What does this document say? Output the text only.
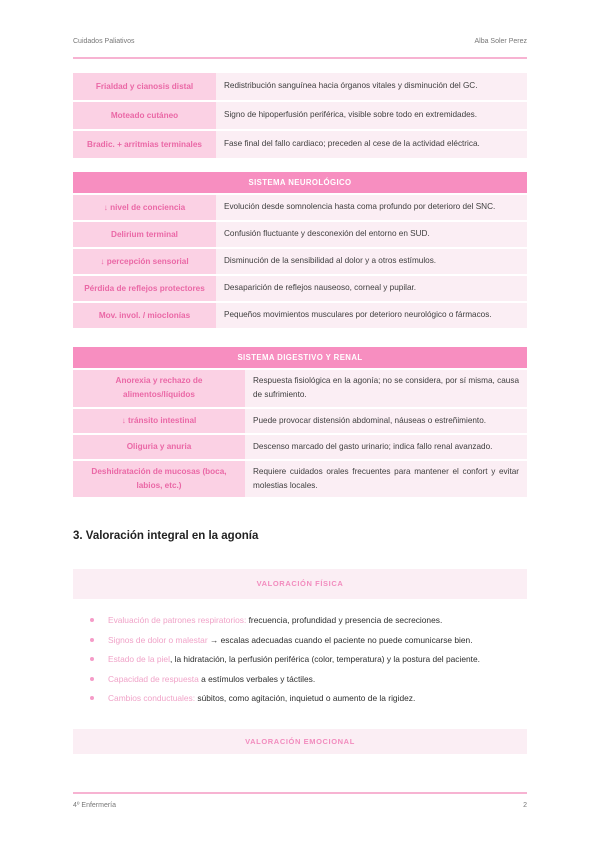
Cuidados Paliativos	Alba Soler Perez
Frialdad y cianosis distal	Redistribución sanguínea hacia órganos vitales y disminución del GC.
Moteado cutáneo	Signo de hipoperfusión periférica, visible sobre todo en extremidades.
Bradic. + arritmias terminales	Fase final del fallo cardiaco; preceden al cese de la actividad eléctrica.
SISTEMA NEUROLÓGICO	
↓ nivel de conciencia	Evolución desde somnolencia hasta coma profundo por deterioro del SNC.
Delirium terminal	Confusión fluctuante y desconexión del entorno en SUD.
↓ percepción sensorial	Disminución de la sensibilidad al dolor y a otros estímulos.
Pérdida de reflejos protectores	Desaparición de reflejos nauseoso, corneal y pupilar.
Mov. invol. / mioclonías	Pequeños movimientos musculares por deterioro neurológico o fármacos.
SISTEMA DIGESTIVO Y RENAL	
Anorexia y rechazo de alimentos/líquidos	Respuesta fisiológica en la agonía; no se considera, por sí misma, causa de sufrimiento.
↓ tránsito intestinal	Puede provocar distensión abdominal, náuseas o estreñimiento.
Oliguria y anuria	Descenso marcado del gasto urinario; indica fallo renal avanzado.
Deshidratación de mucosas (boca, labios, etc.)	Requiere cuidados orales frecuentes para mantener el confort y evitar molestias locales.
3. Valoración integral en la agonía
VALORACIÓN FÍSICA
Evaluación de patrones respiratorios: frecuencia, profundidad y presencia de secreciones.
Signos de dolor o malestar → escalas adecuadas cuando el paciente no puede comunicarse bien.
Estado de la piel, la hidratación, la perfusión periférica (color, temperatura) y la postura del paciente.
Capacidad de respuesta a estímulos verbales y táctiles.
Cambios conductuales: súbitos, como agitación, inquietud o aumento de la rigidez.
VALORACIÓN EMOCIONAL
4º Enfermería	2
